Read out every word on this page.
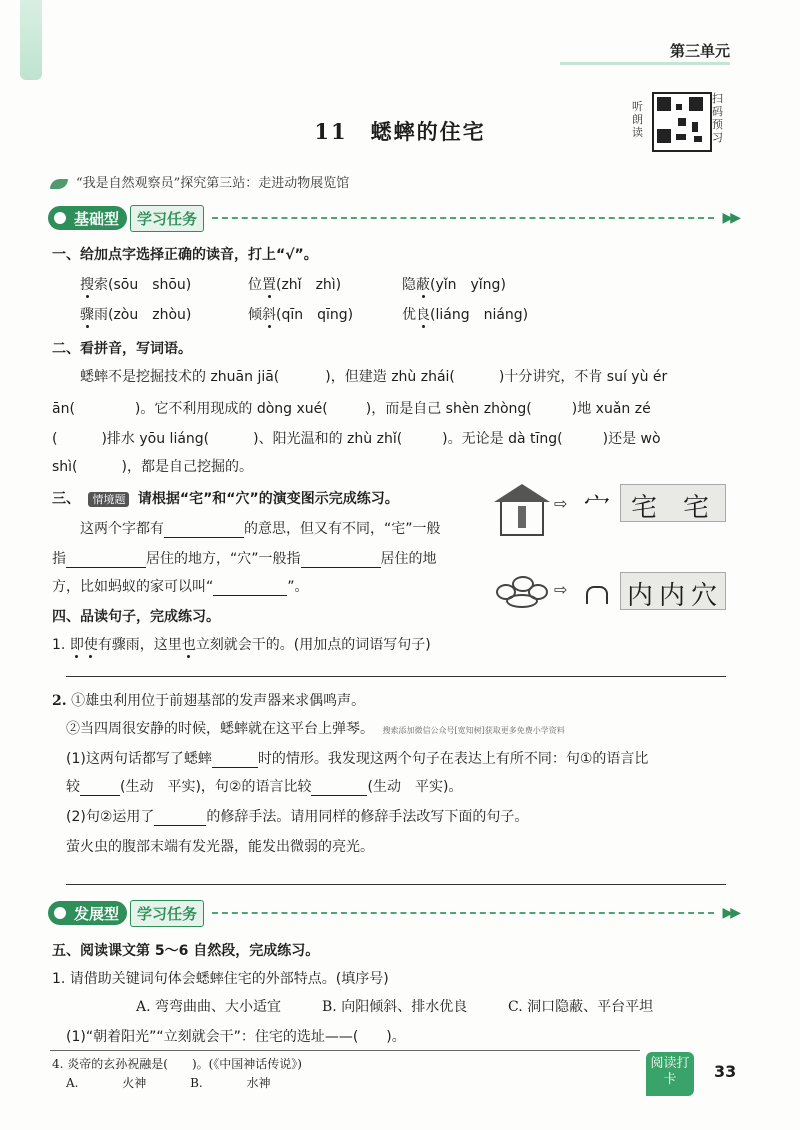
第三单元
听朗读
扫码预习
11　蟋蟀的住宅
“我是自然观察员”探究第三站：走进动物展览馆
基础型	学习任务	▶▶
一、给加点字选择正确的读音，打上“√”。
搜索(sōu　shōu)	位置(zhǐ　zhì)	隐蔽(yǐn　yǐng)
骤雨(zòu　zhòu)	倾斜(qīn　qīng)	优良(liáng　niáng)
二、看拼音，写词语。
蟋蟀不是挖掘技术的 zhuān jiā(	)，但建造 zhù zhái(	)十分讲究，不肯 suí yù ér
ān(	)。它不利用现成的 dòng xué(	)，而是自己 shèn zhòng(	)地 xuǎn zé
(	)排水 yōu liáng(	)、阳光温和的 zhù zhǐ(	)。无论是 dà tīng(	)还是 wò
shì(	)，都是自己挖掘的。
三、 情境题 请根据“宅”和“穴”的演变图示完成练习。
这两个字都有	的意思，但又有不同，“宅”一般
指	居住的地方，“穴”一般指	居住的地
方，比如蚂蚁的家可以叫“	”。
⇨ 宀 宅 宅
⇨ 内 内 穴
四、品读句子，完成练习。
1. 即使有骤雨，这里也立刻就会干的。(用加点的词语写句子)
2. ①雄虫利用位于前翅基部的发声器来求偶鸣声。
②当四周很安静的时候，蟋蟀就在这平台上弹琴。 搜索添加微信公众号[宽知树]获取更多免费小学资料
(1)这两句话都写了蟋蟀	时的情形。我发现这两个句子在表达上有所不同：句①的语言比
较	(生动　平实)，句②的语言比较	(生动　平实)。
(2)句②运用了	的修辞手法。请用同样的修辞手法改写下面的句子。
萤火虫的腹部末端有发光器，能发出微弱的亮光。
发展型	学习任务	▶▶
五、阅读课文第 5～6 自然段，完成练习。
1. 请借助关键词句体会蟋蟀住宅的外部特点。(填序号)
A. 弯弯曲曲、大小适宜	B. 向阳倾斜、排水优良	C. 洞口隐蔽、平台平坦
(1)“朝着阳光”“立刻就会干”：住宅的选址——(　　)。
4. 炎帝的玄孙祝融是(　　)。(《中国神话传说》)
A. 火神 B. 水神
阅读打卡	33
